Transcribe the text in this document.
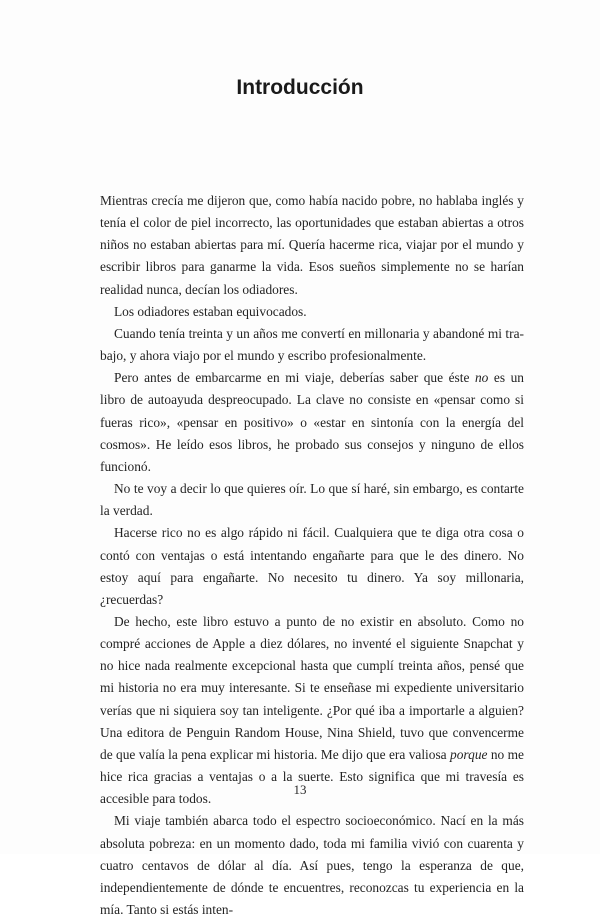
Introducción

Mientras crecía me dijeron que, como había nacido pobre, no hablaba inglés y tenía el color de piel incorrecto, las oportunidades que estaban abiertas a otros niños no estaban abiertas para mí. Quería hacerme rica, viajar por el mundo y escribir libros para ganarme la vida. Esos sueños simplemente no se harían realidad nunca, decían los odiadores.

Los odiadores estaban equivocados.

Cuando tenía treinta y un años me convertí en millonaria y abandoné mi trabajo, y ahora viajo por el mundo y escribo profesionalmente.

Pero antes de embarcarme en mi viaje, deberías saber que éste no es un libro de autoayuda despreocupado. La clave no consiste en «pensar como si fueras rico», «pensar en positivo» o «estar en sintonía con la energía del cosmos». He leído esos libros, he probado sus consejos y ninguno de ellos funcionó.

No te voy a decir lo que quieres oír. Lo que sí haré, sin embargo, es contarte la verdad.

Hacerse rico no es algo rápido ni fácil. Cualquiera que te diga otra cosa o contó con ventajas o está intentando engañarte para que le des dinero. No estoy aquí para engañarte. No necesito tu dinero. Ya soy millonaria, ¿recuerdas?

De hecho, este libro estuvo a punto de no existir en absoluto. Como no compré acciones de Apple a diez dólares, no inventé el siguiente Snapchat y no hice nada realmente excepcional hasta que cumplí treinta años, pensé que mi historia no era muy interesante. Si te enseñase mi expediente universitario verías que ni siquiera soy tan inteligente. ¿Por qué iba a importarle a alguien? Una editora de Penguin Random House, Nina Shield, tuvo que convencerme de que valía la pena explicar mi historia. Me dijo que era valiosa porque no me hice rica gracias a ventajas o a la suerte. Esto significa que mi travesía es accesible para todos.

Mi viaje también abarca todo el espectro socioeconómico. Nací en la más absoluta pobreza: en un momento dado, toda mi familia vivió con cuarenta y cuatro centavos de dólar al día. Así pues, tengo la esperanza de que, independientemente de dónde te encuentres, reconozcas tu experiencia en la mía. Tanto si estás inten-

13
